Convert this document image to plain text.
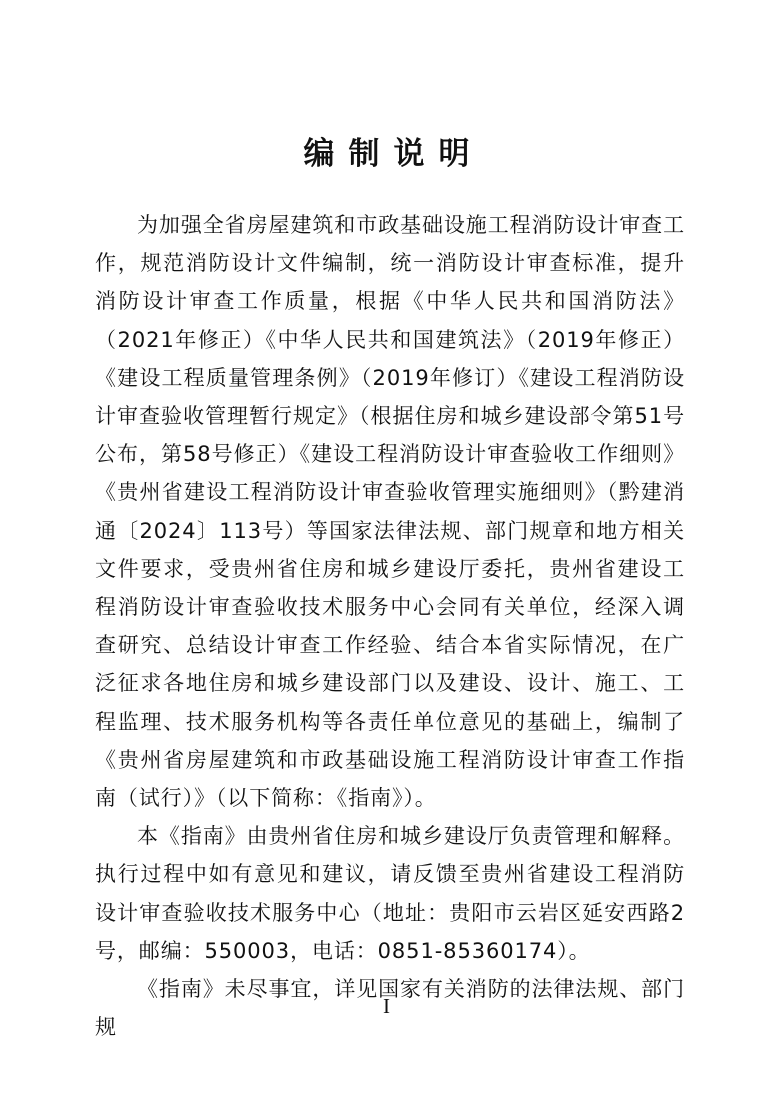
编制说明

为加强全省房屋建筑和市政基础设施工程消防设计审查工作，规范消防设计文件编制，统一消防设计审查标准，提升消防设计审查工作质量，根据《中华人民共和国消防法》（2021年修正）《中华人民共和国建筑法》（2019年修正）《建设工程质量管理条例》（2019年修订）《建设工程消防设计审查验收管理暂行规定》（根据住房和城乡建设部令第51号公布，第58号修正）《建设工程消防设计审查验收工作细则》《贵州省建设工程消防设计审查验收管理实施细则》（黔建消通〔2024〕113号）等国家法律法规、部门规章和地方相关文件要求，受贵州省住房和城乡建设厅委托，贵州省建设工程消防设计审查验收技术服务中心会同有关单位，经深入调查研究、总结设计审查工作经验、结合本省实际情况，在广泛征求各地住房和城乡建设部门以及建设、设计、施工、工程监理、技术服务机构等各责任单位意见的基础上，编制了《贵州省房屋建筑和市政基础设施工程消防设计审查工作指南（试行）》（以下简称：《指南》）。

本《指南》由贵州省住房和城乡建设厅负责管理和解释。执行过程中如有意见和建议，请反馈至贵州省建设工程消防设计审查验收技术服务中心（地址：贵阳市云岩区延安西路2号，邮编：550003，电话：0851-85360174）。

《指南》未尽事宜，详见国家有关消防的法律法规、部门规

I
